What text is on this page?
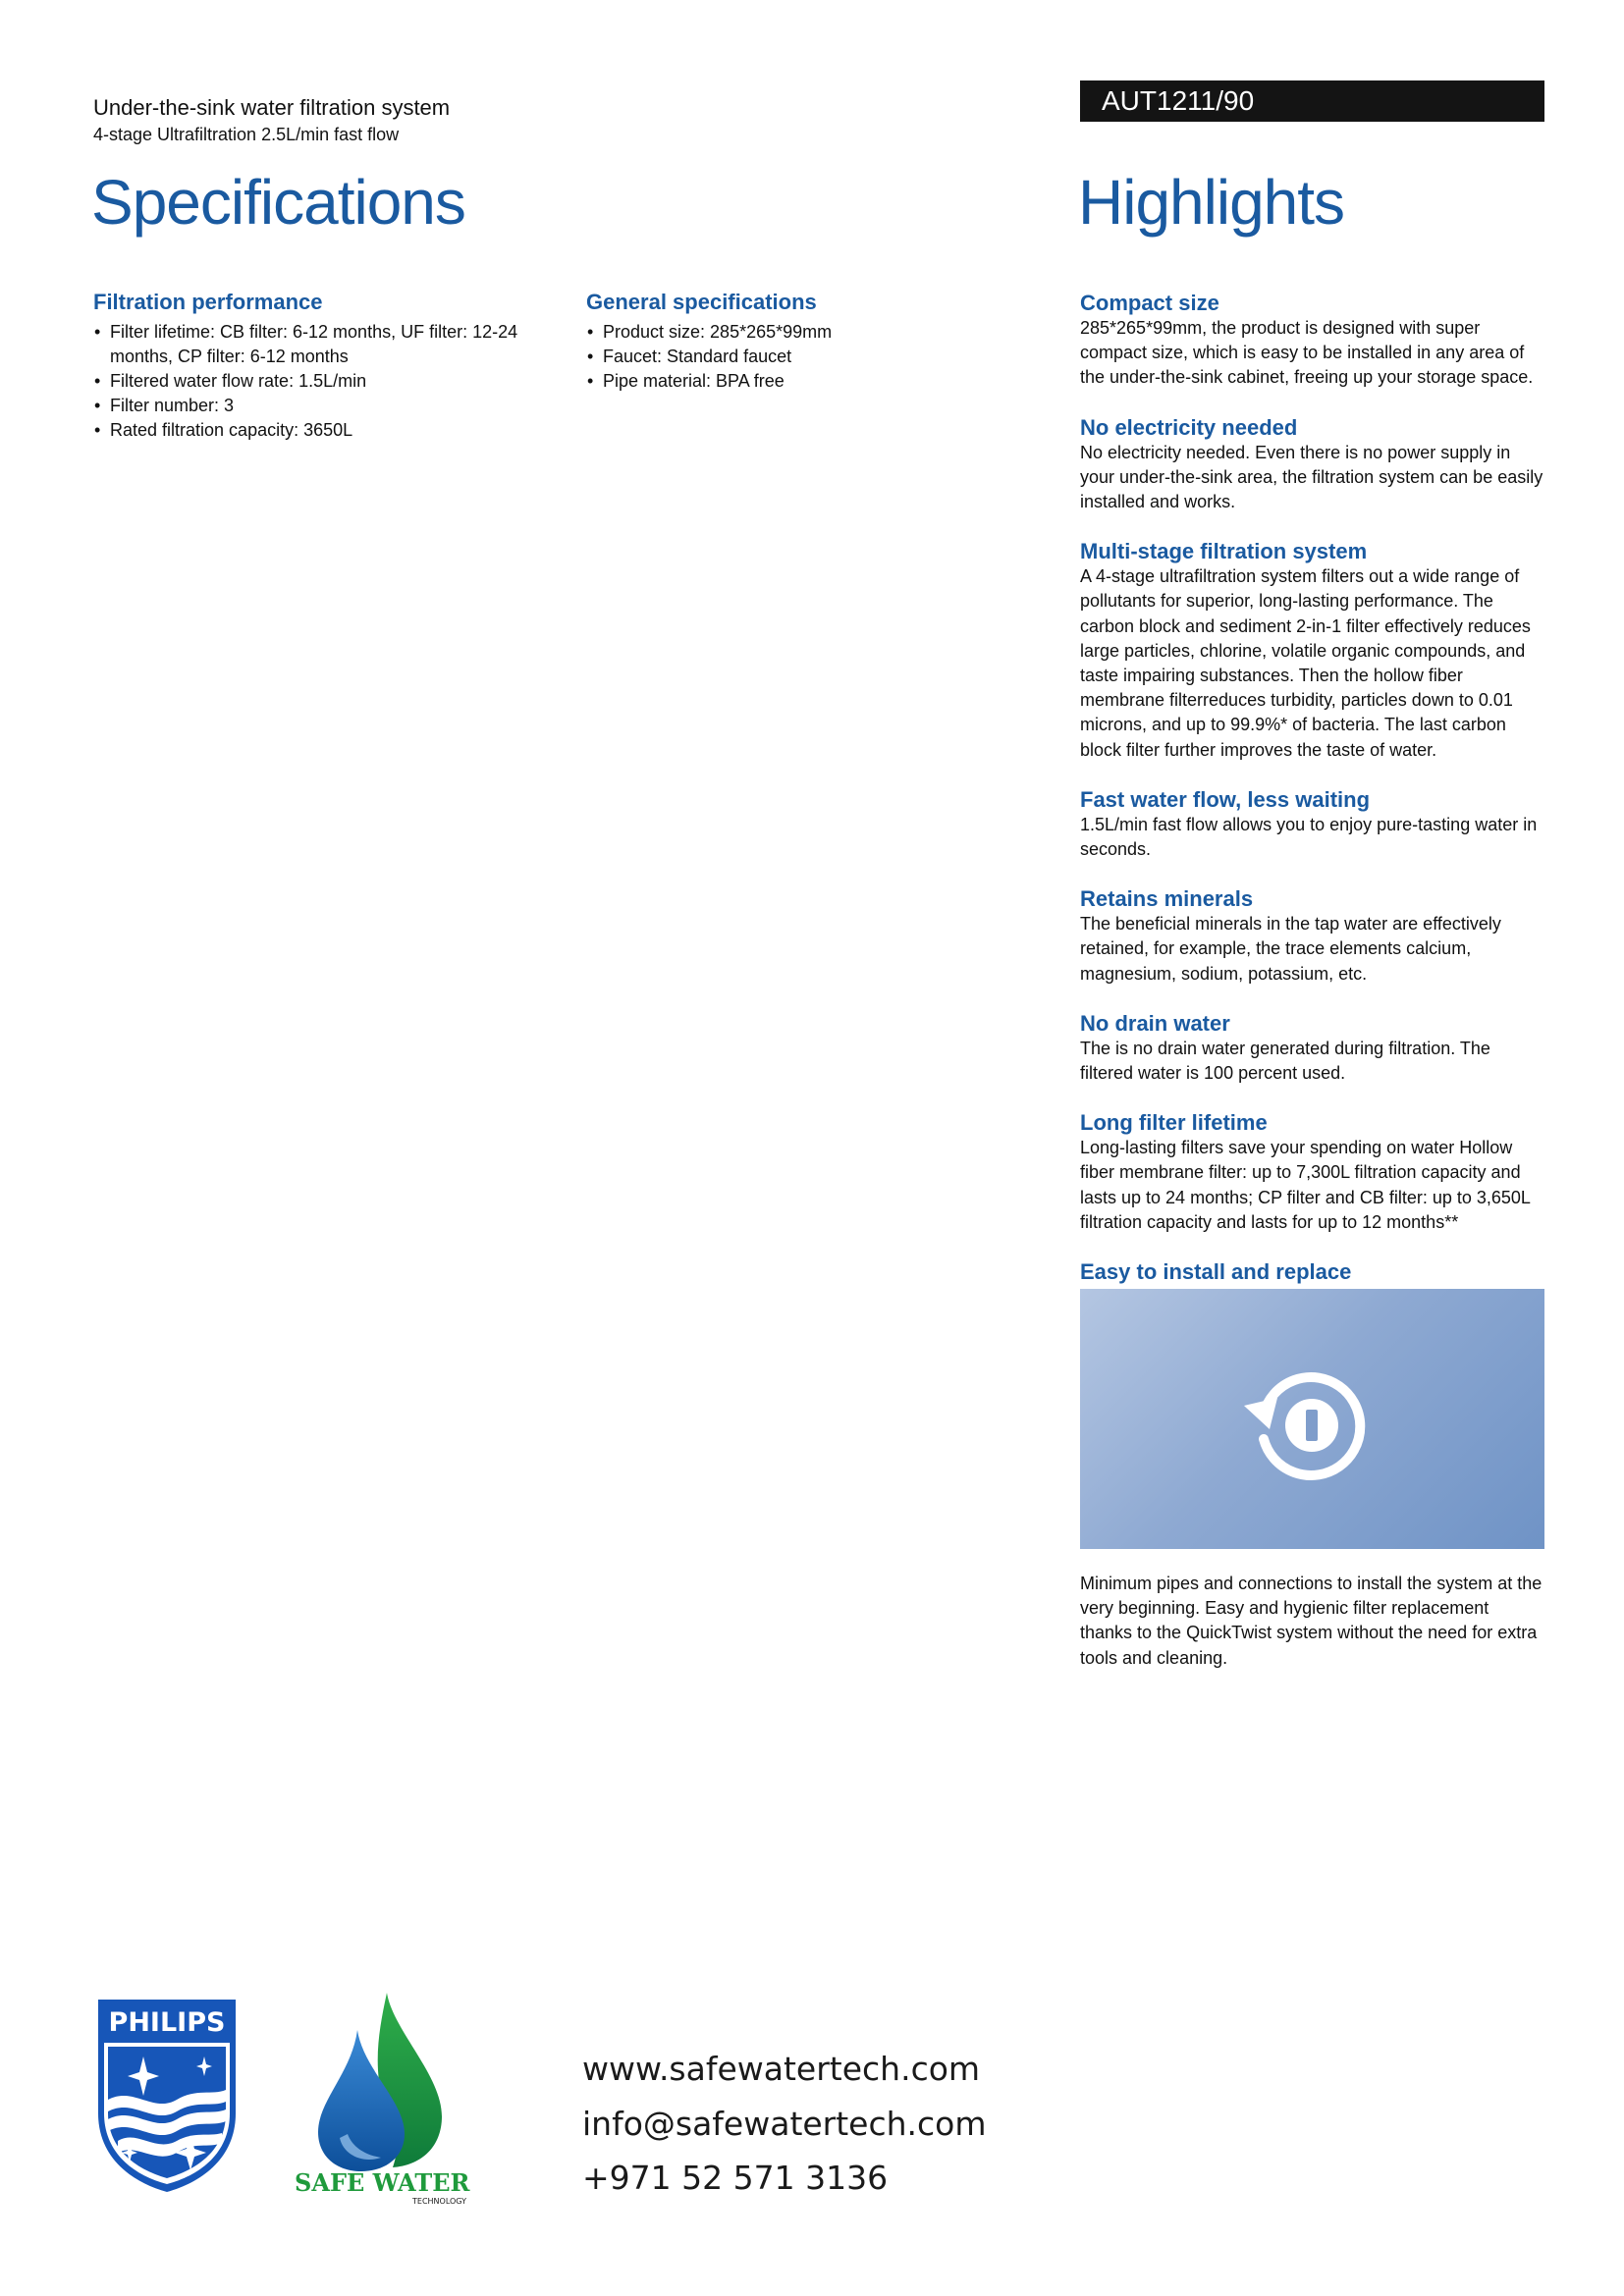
Under-the-sink water filtration system
4-stage Ultrafiltration 2.5L/min fast flow
AUT1211/90
Specifications	Highlights
Filtration performance
• Filter lifetime: CB filter: 6-12 months, UF filter: 12-24 months, CP filter: 6-12 months
• Filtered water flow rate: 1.5L/min
• Filter number: 3
• Rated filtration capacity: 3650L
General specifications
• Product size: 285*265*99mm
• Faucet: Standard faucet
• Pipe material: BPA free
Compact size

285*265*99mm, the product is designed with super compact size, which is easy to be installed in any area of the under-the-sink cabinet, freeing up your storage space.

No electricity needed

No electricity needed. Even there is no power supply in your under-the-sink area, the filtration system can be easily installed and works.

Multi-stage filtration system

A 4-stage ultrafiltration system filters out a wide range of pollutants for superior, long-lasting performance. The carbon block and sediment 2-in-1 filter effectively reduces large particles, chlorine, volatile organic compounds, and taste impairing substances. Then the hollow fiber membrane filterreduces turbidity, particles down to 0.01 microns, and up to 99.9%* of bacteria. The last carbon block filter further improves the taste of water.

Fast water flow, less waiting

1.5L/min fast flow allows you to enjoy pure-tasting water in seconds.

Retains minerals

The beneficial minerals in the tap water are effectively retained, for example, the trace elements calcium, magnesium, sodium, potassium, etc.

No drain water

The is no drain water generated during filtration. The filtered water is 100 percent used.

Long filter lifetime

Long-lasting filters save your spending on water Hollow fiber membrane filter: up to 7,300L filtration capacity and lasts up to 24 months; CP filter and CB filter: up to 3,650L filtration capacity and lasts for up to 12 months**

Easy to install and replace

Minimum pipes and connections to install the system at the very beginning. Easy and hygienic filter replacement thanks to the QuickTwist system without the need for extra tools and cleaning.

PHILIPS
SAFE WATER
TECHNOLOGY
www.safewatertech.com
info@safewatertech.com
+971 52 571 3136
